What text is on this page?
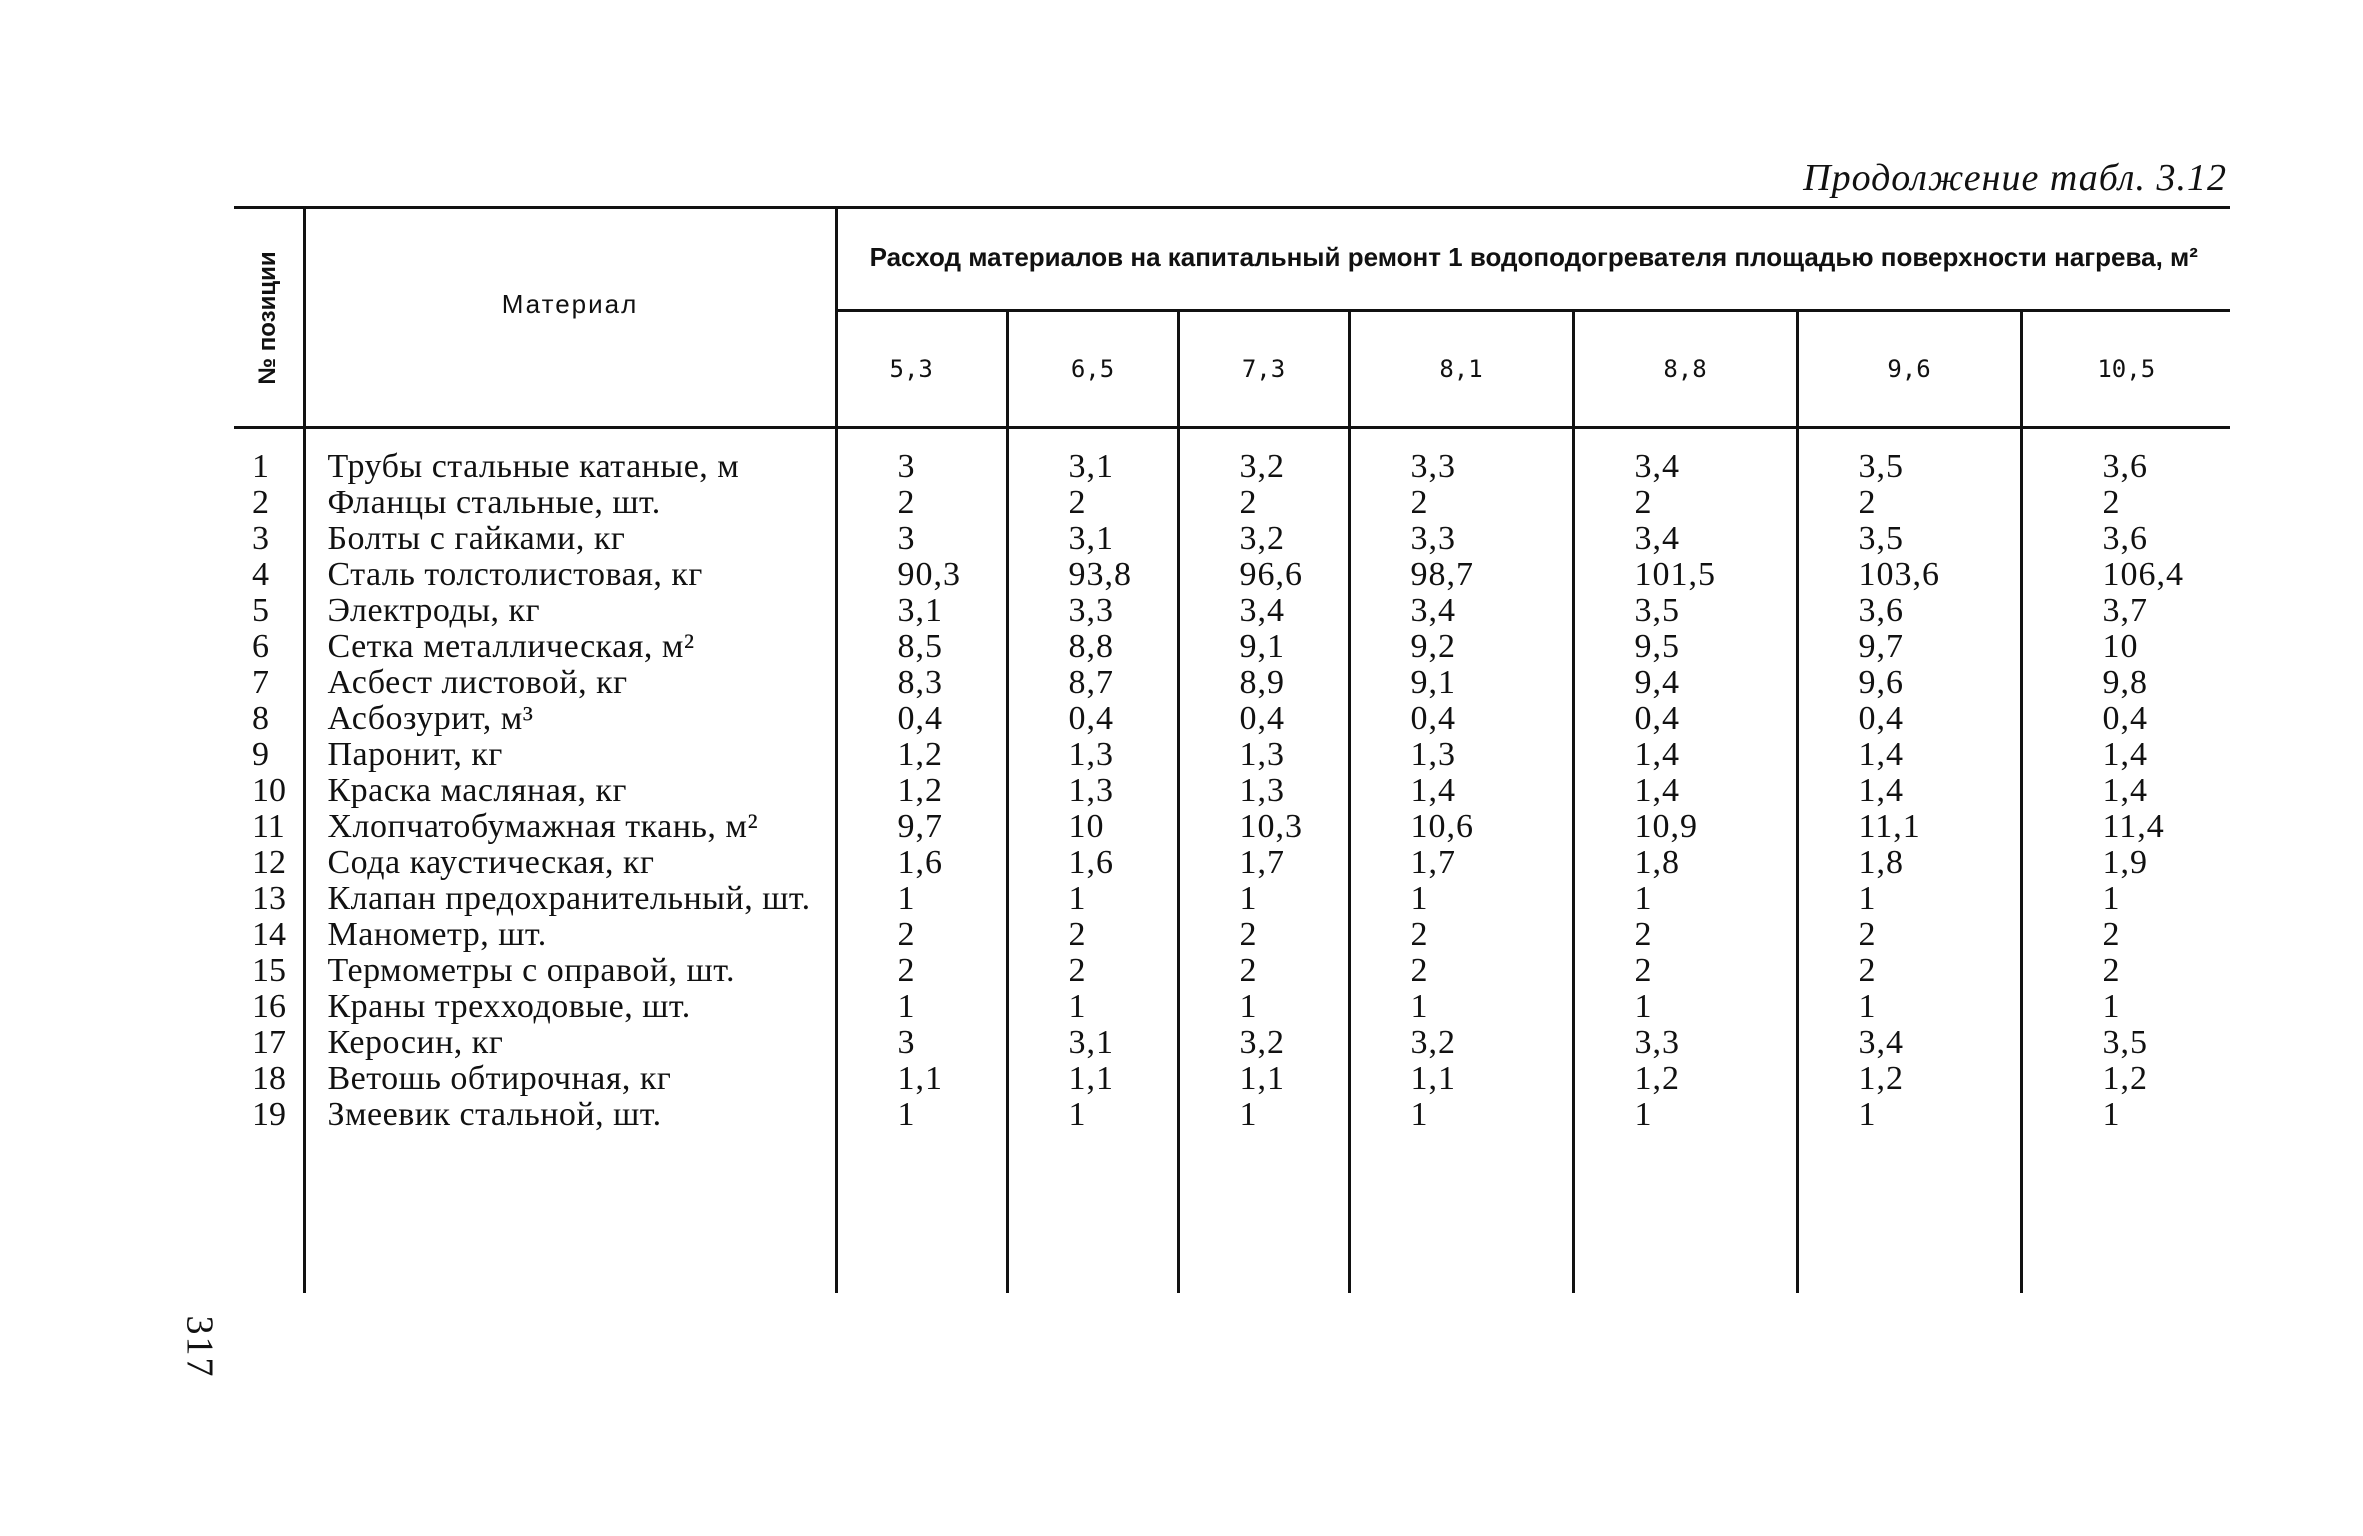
Продолжение табл. 3.12

№ позиции	Материал	Расход материалов на капитальный ремонт 1 водоподогревателя площадью поверхности нагрева, м²						
		5,3	6,5	7,3	8,1	8,8	9,6	10,5

1	Трубы стальные катаные, м	3	3,1	3,2	3,3	3,4	3,5	3,6
2	Фланцы стальные, шт.	2	2	2	2	2	2	2
3	Болты с гайками, кг	3	3,1	3,2	3,3	3,4	3,5	3,6
4	Сталь толстолистовая, кг	90,3	93,8	96,6	98,7	101,5	103,6	106,4
5	Электроды, кг	3,1	3,3	3,4	3,4	3,5	3,6	3,7
6	Сетка металлическая, м²	8,5	8,8	9,1	9,2	9,5	9,7	10
7	Асбест листовой, кг	8,3	8,7	8,9	9,1	9,4	9,6	9,8
8	Асбозурит, м³	0,4	0,4	0,4	0,4	0,4	0,4	0,4
9	Паронит, кг	1,2	1,3	1,3	1,3	1,4	1,4	1,4
10	Краска масляная, кг	1,2	1,3	1,3	1,4	1,4	1,4	1,4
11	Хлопчатобумажная ткань, м²	9,7	10	10,3	10,6	10,9	11,1	11,4
12	Сода каустическая, кг	1,6	1,6	1,7	1,7	1,8	1,8	1,9
13	Клапан предохранительный, шт.	1	1	1	1	1	1	1
14	Манометр, шт.	2	2	2	2	2	2	2
15	Термометры с оправой, шт.	2	2	2	2	2	2	2
16	Краны трехходовые, шт.	1	1	1	1	1	1	1
17	Керосин, кг	3	3,1	3,2	3,2	3,3	3,4	3,5
18	Ветошь обтирочная, кг	1,1	1,1	1,1	1,1	1,2	1,2	1,2
19	Змеевик стальной, шт.	1	1	1	1	1	1	1

317
